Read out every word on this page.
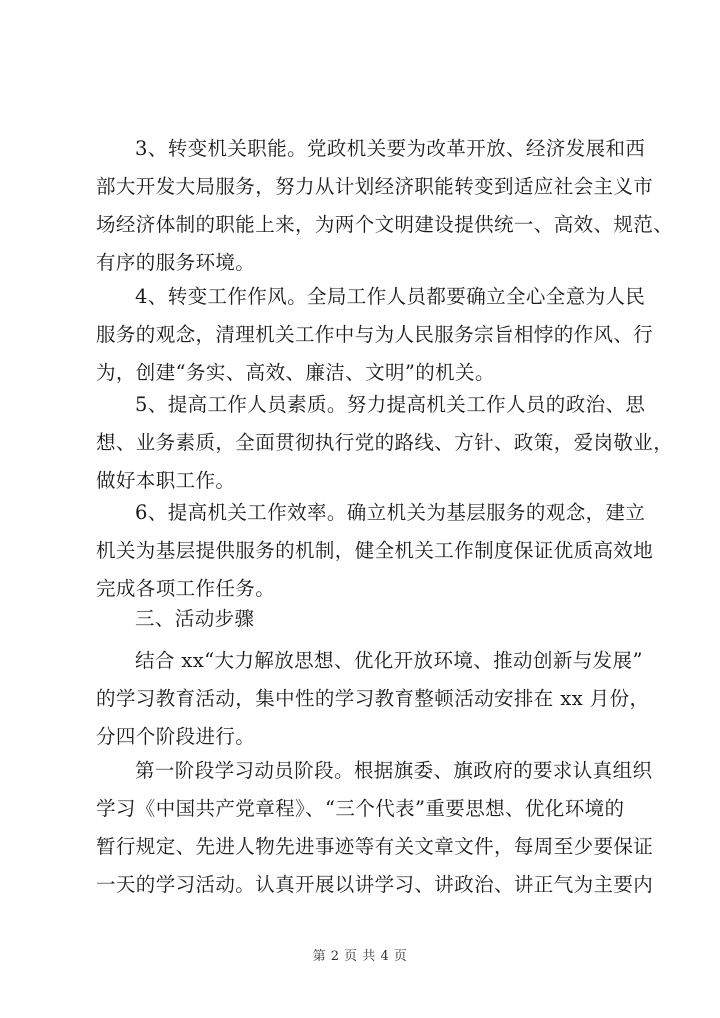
3、转变机关职能。党政机关要为改革开放、经济发展和西
部大开发大局服务，努力从计划经济职能转变到适应社会主义市
场经济体制的职能上来，为两个文明建设提供统一、高效、规范、
有序的服务环境。
4、转变工作作风。全局工作人员都要确立全心全意为人民
服务的观念，清理机关工作中与为人民服务宗旨相悖的作风、行
为，创建“务实、高效、廉洁、文明”的机关。
5、提高工作人员素质。努力提高机关工作人员的政治、思
想、业务素质，全面贯彻执行党的路线、方针、政策，爱岗敬业，
做好本职工作。
6、提高机关工作效率。确立机关为基层服务的观念，建立
机关为基层提供服务的机制，健全机关工作制度保证优质高效地
完成各项工作任务。
三、活动步骤
结合 xx“大力解放思想、优化开放环境、推动创新与发展”
的学习教育活动，集中性的学习教育整顿活动安排在 xx 月份，
分四个阶段进行。
第一阶段学习动员阶段。根据旗委、旗政府的要求认真组织
学习《中国共产党章程》、“三个代表”重要思想、优化环境的
暂行规定、先进人物先进事迹等有关文章文件，每周至少要保证
一天的学习活动。认真开展以讲学习、讲政治、讲正气为主要内
第 2 页 共 4 页
